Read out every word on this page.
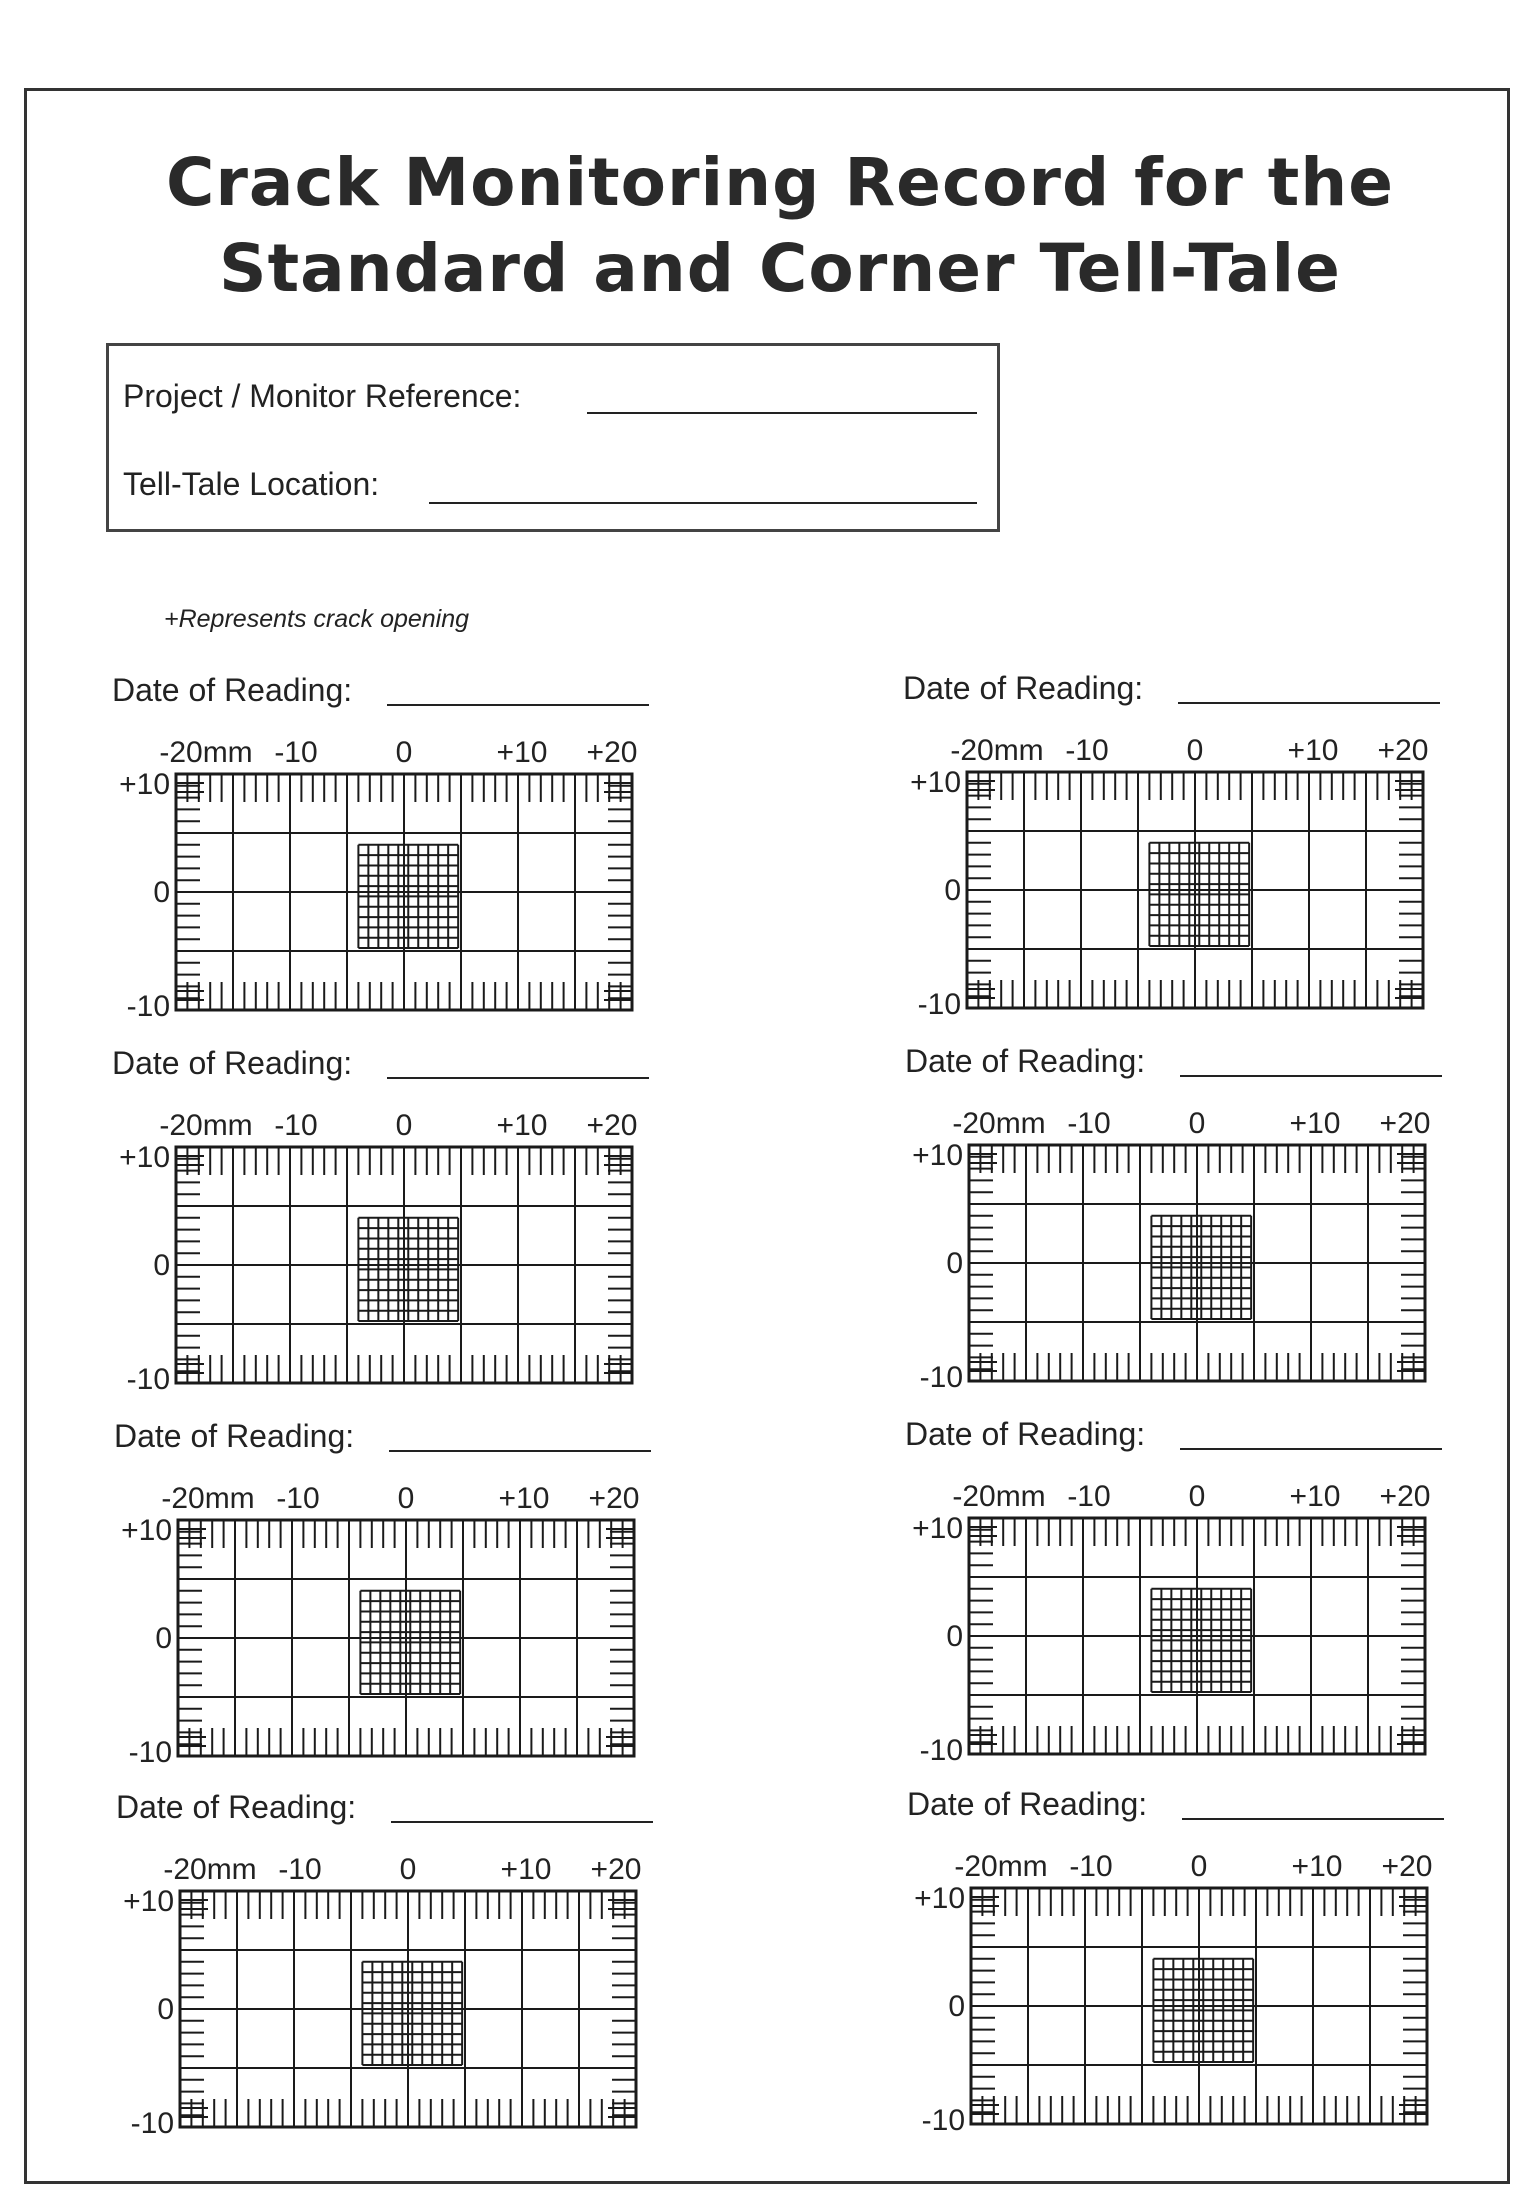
Crack Monitoring Record for the
Standard and Corner Tell-Tale
Project / Monitor Reference:
Tell-Tale Location:
+Represents crack opening
Date of Reading:
-20mm -10	0	+10 +20
+10
0
-10
Date of Reading:
-20mm -10	0	+10 +20
+10
0
-10
Date of Reading:
-20mm -10	0	+10 +20
+10
0
-10
Date of Reading:
-20mm -10	0	+10 +20
+10
0
-10
Date of Reading:
-20mm -10	0	+10 +20
+10
0
-10
Date of Reading:
-20mm -10	0	+10 +20
+10
0
-10
Date of Reading:
-20mm -10	0	+10 +20
+10
0
-10
Date of Reading:
-20mm -10	0	+10 +20
+10
0
-10
